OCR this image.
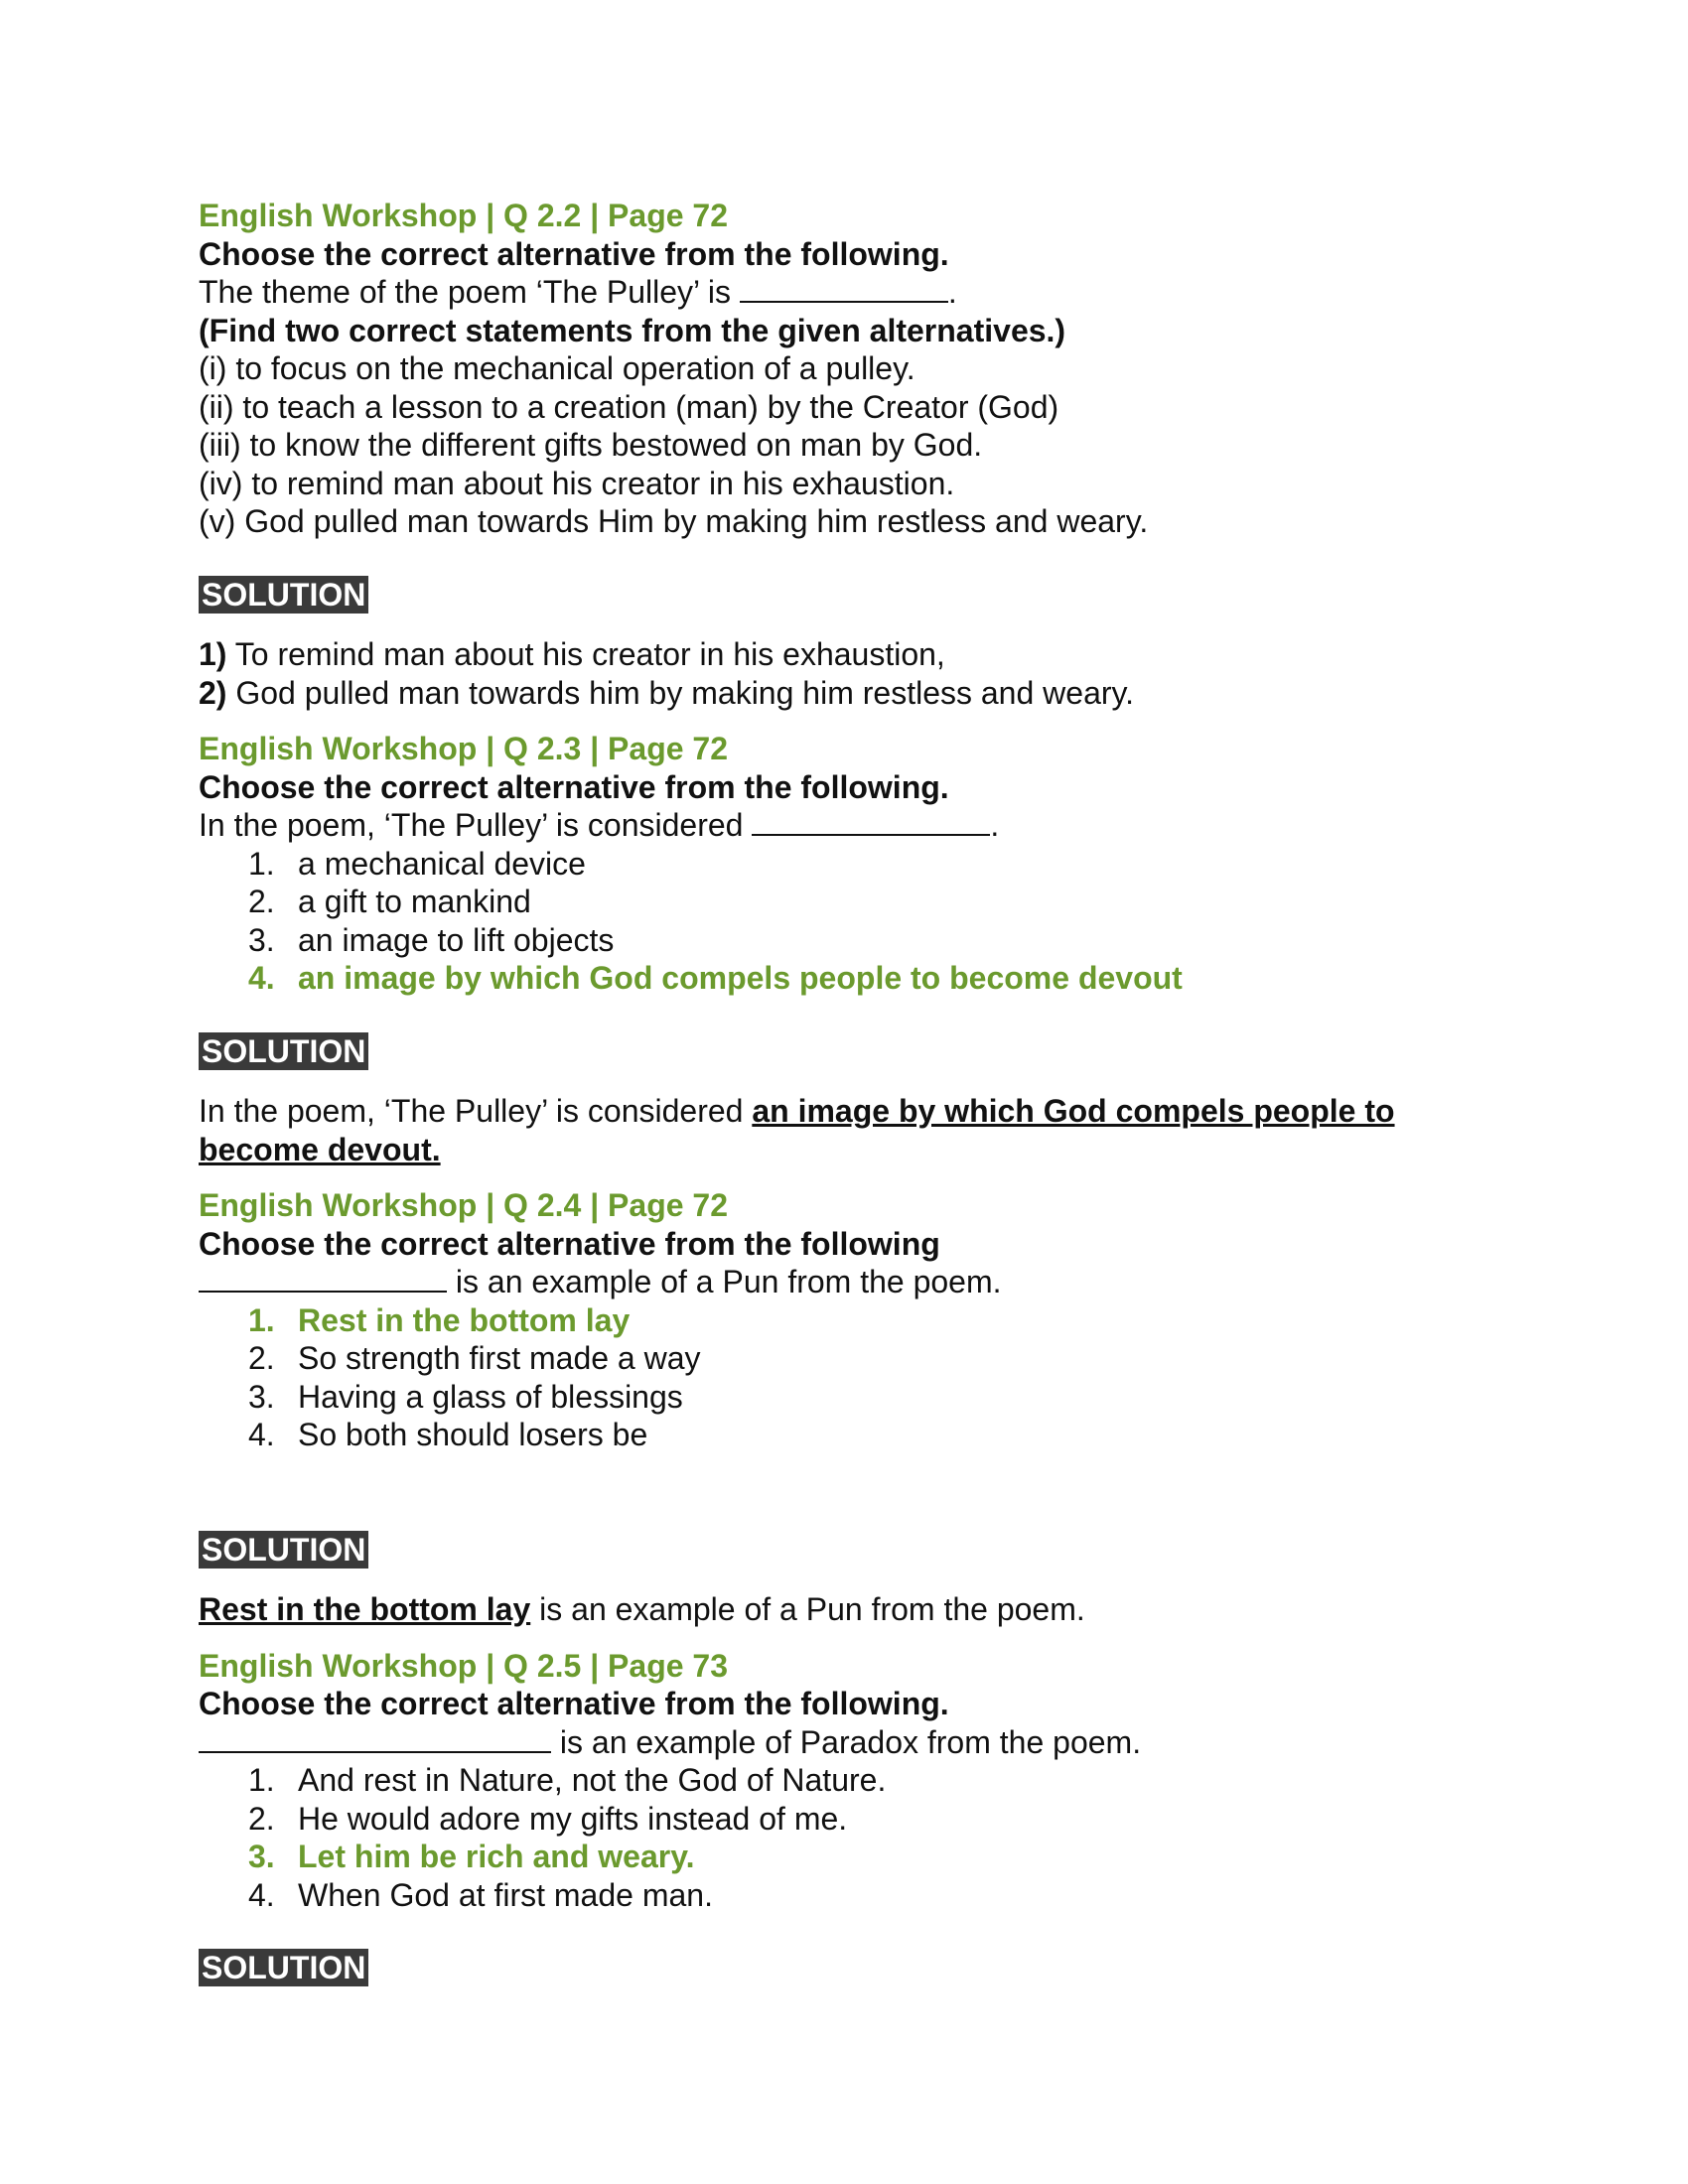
English Workshop | Q 2.2 | Page 72
Choose the correct alternative from the following.
The theme of the poem ‘The Pulley’ is	.
(Find two correct statements from the given alternatives.)
(i) to focus on the mechanical operation of a pulley.
(ii) to teach a lesson to a creation (man) by the Creator (God)
(iii) to know the different gifts bestowed on man by God.
(iv) to remind man about his creator in his exhaustion.
(v) God pulled man towards Him by making him restless and weary.
SOLUTION
1) To remind man about his creator in his exhaustion,
2) God pulled man towards him by making him restless and weary.
English Workshop | Q 2.3 | Page 72
Choose the correct alternative from the following.
In the poem, ‘The Pulley’ is considered	.
1. a mechanical device
2. a gift to mankind
3. an image to lift objects
4. an image by which God compels people to become devout
SOLUTION
In the poem, ‘The Pulley’ is considered an image by which God compels people to become devout.
English Workshop | Q 2.4 | Page 72
Choose the correct alternative from the following
is an example of a Pun from the poem.
1. Rest in the bottom lay
2. So strength first made a way
3. Having a glass of blessings
4. So both should losers be
SOLUTION
Rest in the bottom lay is an example of a Pun from the poem.
English Workshop | Q 2.5 | Page 73
Choose the correct alternative from the following.
is an example of Paradox from the poem.
1. And rest in Nature, not the God of Nature.
2. He would adore my gifts instead of me.
3. Let him be rich and weary.
4. When God at first made man.
SOLUTION
